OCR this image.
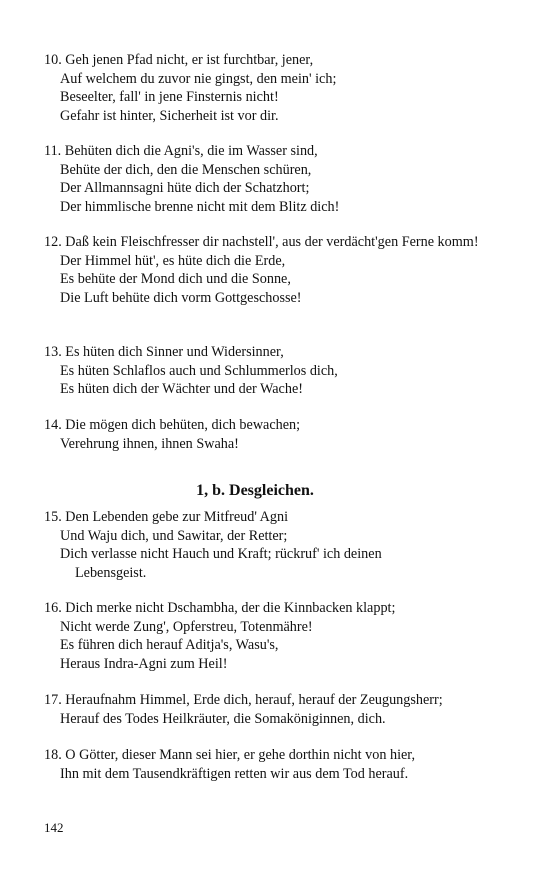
10. Geh jenen Pfad nicht, er ist furchtbar, jener,
Auf welchem du zuvor nie gingst, den mein' ich;
Beseelter, fall' in jene Finsternis nicht!
Gefahr ist hinter, Sicherheit ist vor dir.
11. Behüten dich die Agni's, die im Wasser sind,
Behüte der dich, den die Menschen schüren,
Der Allmannsagni hüte dich der Schatzhort;
Der himmlische brenne nicht mit dem Blitz dich!
12. Daß kein Fleischfresser dir nachstell', aus der verdächt'gen Ferne komm!
Der Himmel hüt', es hüte dich die Erde,
Es behüte der Mond dich und die Sonne,
Die Luft behüte dich vorm Gottgeschosse!
13. Es hüten dich Sinner und Widersinner,
Es hüten Schlaflos auch und Schlummerlos dich,
Es hüten dich der Wächter und der Wache!
14. Die mögen dich behüten, dich bewachen;
Verehrung ihnen, ihnen Swaha!
1, b. Desgleichen.
15. Den Lebenden gebe zur Mitfreud' Agni
Und Waju dich, und Sawitar, der Retter;
Dich verlasse nicht Hauch und Kraft; rückruf' ich deinen
Lebensgeist.
16. Dich merke nicht Dschambha, der die Kinnbacken klappt;
Nicht werde Zung', Opferstreu, Totenmähre!
Es führen dich herauf Aditja's, Wasu's,
Heraus Indra-Agni zum Heil!
17. Heraufnahm Himmel, Erde dich, herauf, herauf der Zeugungsherr;
Herauf des Todes Heilkräuter, die Somaköniginnen, dich.
18. O Götter, dieser Mann sei hier, er gehe dorthin nicht von hier,
Ihn mit dem Tausendkräftigen retten wir aus dem Tod herauf.
142
